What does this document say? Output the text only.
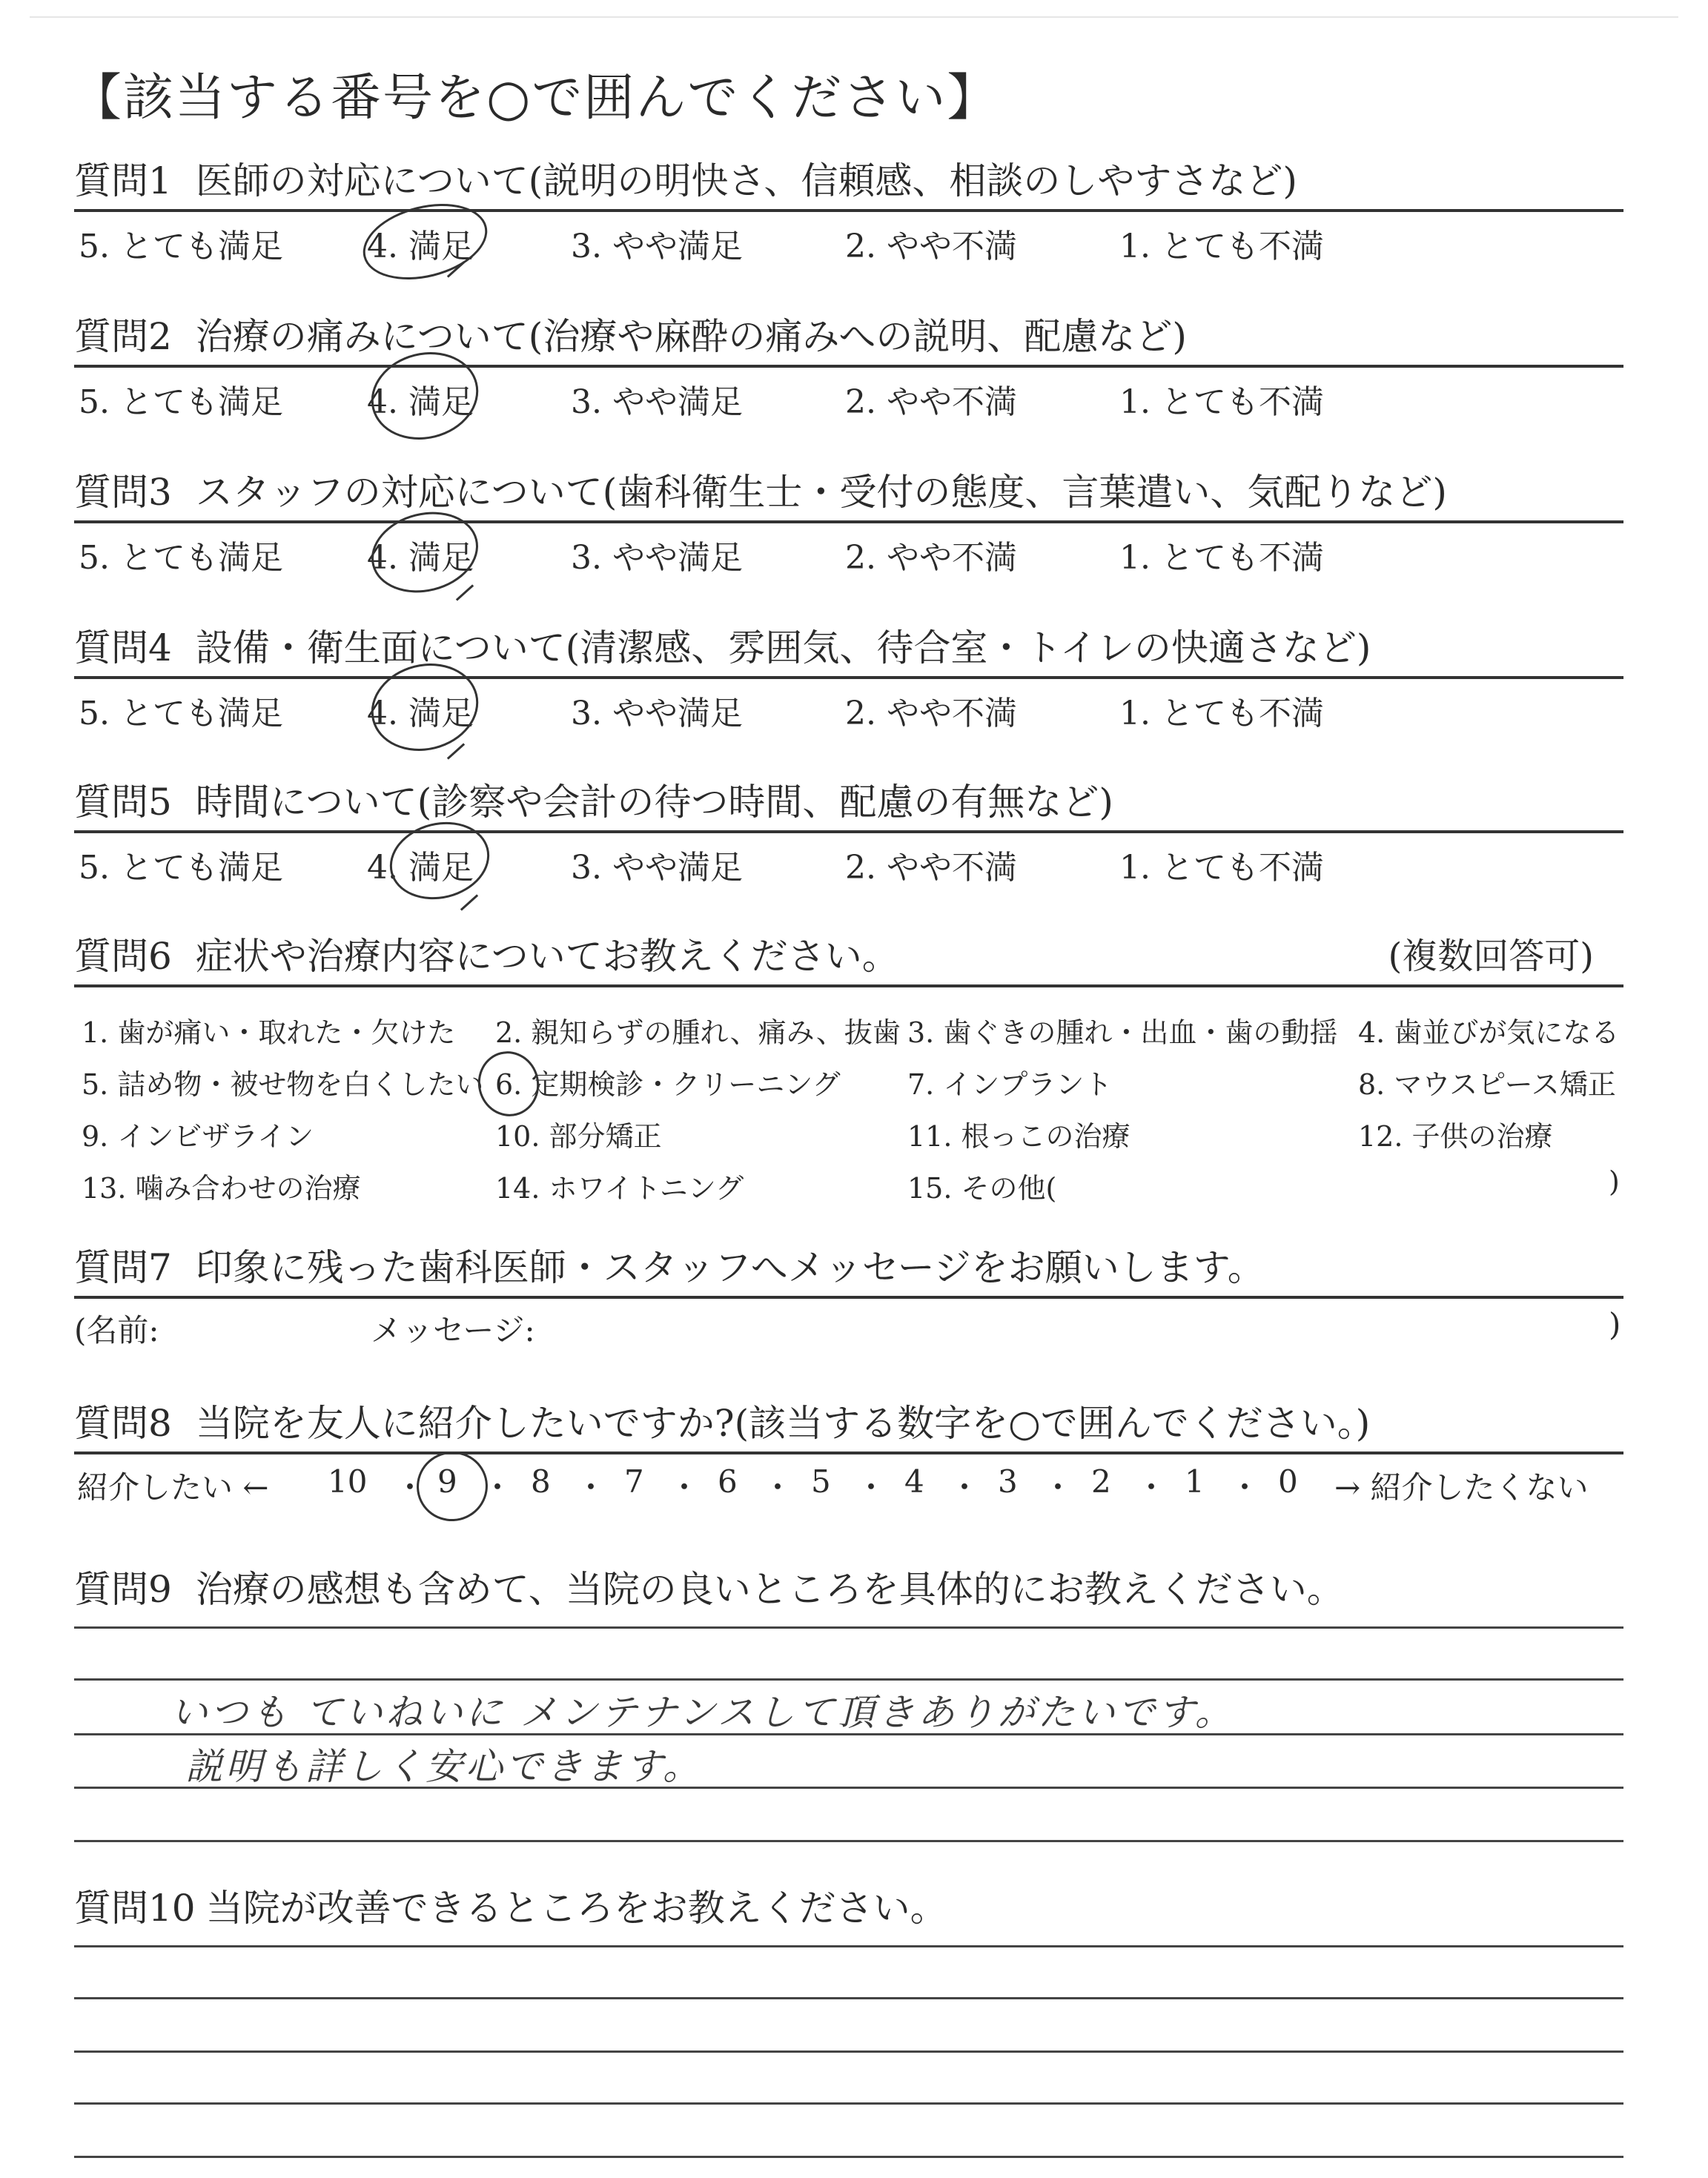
【該当する番号を○で囲んでください】
質問1 医師の対応について(説明の明快さ、信頼感、相談のしやすさなど)
5. とても満足	4. 満足	3. やや満足	2. やや不満	1. とても不満
質問2 治療の痛みについて(治療や麻酔の痛みへの説明、配慮など)
5. とても満足	4. 満足	3. やや満足	2. やや不満	1. とても不満
質問3 スタッフの対応について(歯科衛生士・受付の態度、言葉遣い、気配りなど)
5. とても満足	4. 満足	3. やや満足	2. やや不満	1. とても不満
質問4 設備・衛生面について(清潔感、雰囲気、待合室・トイレの快適さなど)
5. とても満足	4. 満足	3. やや満足	2. やや不満	1. とても不満
質問5 時間について(診察や会計の待つ時間、配慮の有無など)
5. とても満足	4. 満足	3. やや満足	2. やや不満	1. とても不満
質問6 症状や治療内容についてお教えください。	(複数回答可)
1. 歯が痛い・取れた・欠けた 2. 親知らずの腫れ、痛み、抜歯 3. 歯ぐきの腫れ・出血・歯の動揺 4. 歯並びが気になる
5. 詰め物・被せ物を白くしたい 6. 定期検診・クリーニング 7. インプラント	8. マウスピース矯正
9. インビザライン	10. 部分矯正	11. 根っこの治療	12. 子供の治療
13. 噛み合わせの治療	14. ホワイトニング	15. その他(	)
質問7 印象に残った歯科医師・スタッフへメッセージをお願いします。
(名前:	メッセージ:	)
質問8 当院を友人に紹介したいですか?(該当する数字を○で囲んでください。)
紹介したい ← 10 ・ 9 ・ 8 ・ 7 ・ 6 ・ 5 ・ 4 ・ 3 ・ 2 ・ 1 ・ 0 → 紹介したくない
質問9 治療の感想も含めて、当院の良いところを具体的にお教えください。
いつも ていねいに メンテナンスして頂きありがたいです。
説明も詳しく安心できます。
質問10 当院が改善できるところをお教えください。
